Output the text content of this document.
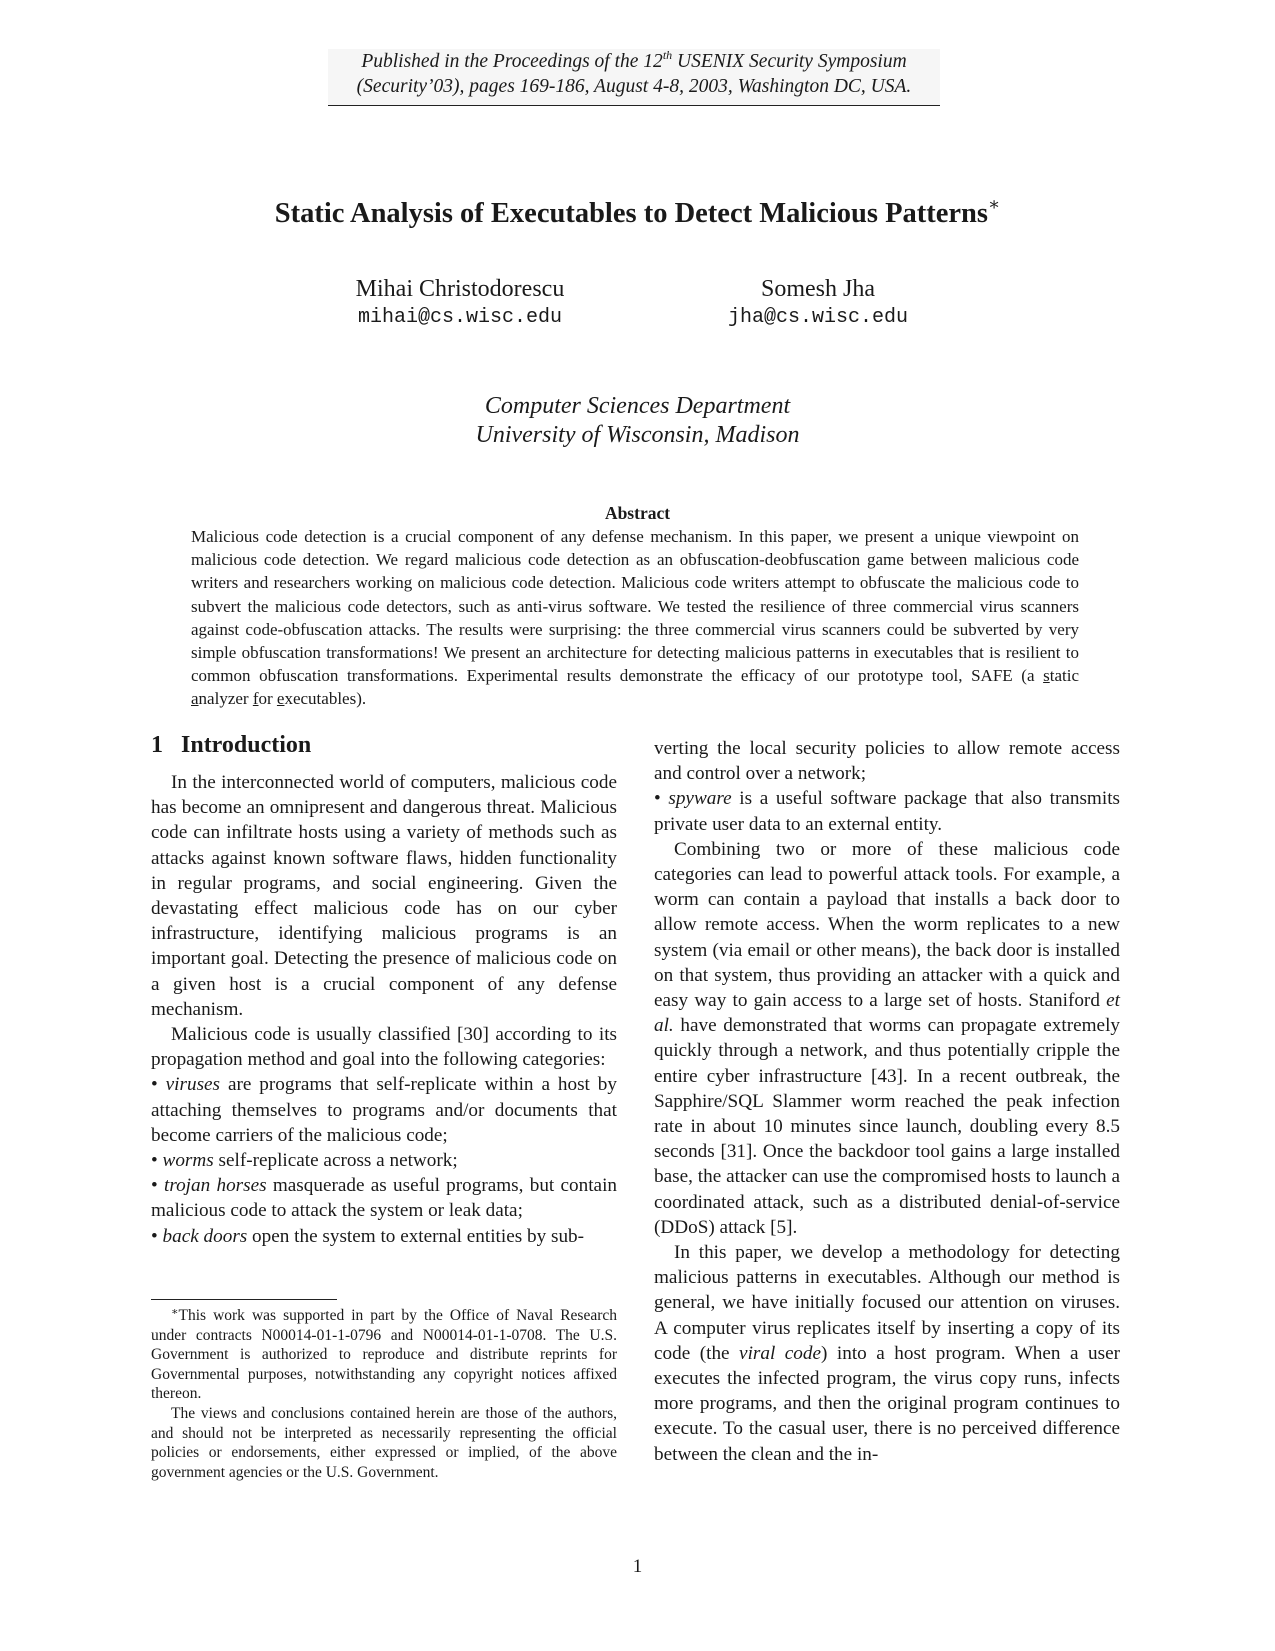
Published in the Proceedings of the 12th USENIX Security Symposium
(Security’03), pages 169-186, August 4-8, 2003, Washington DC, USA.
Static Analysis of Executables to Detect Malicious Patterns∗
Mihai Christodorescu
mihai@cs.wisc.edu
Somesh Jha
jha@cs.wisc.edu
Computer Sciences Department
University of Wisconsin, Madison
Abstract
Malicious code detection is a crucial component of any defense mechanism. In this paper, we present a unique viewpoint on malicious code detection. We regard malicious code detection as an obfuscation-deobfuscation game between malicious code writers and researchers working on malicious code detection. Malicious code writers attempt to obfuscate the malicious code to subvert the malicious code detectors, such as anti-virus software. We tested the resilience of three commercial virus scanners against code-obfuscation attacks. The results were surprising: the three commercial virus scanners could be subverted by very simple obfuscation transformations! We present an architecture for detecting malicious patterns in executables that is resilient to common obfuscation transformations. Experimental results demonstrate the efficacy of our prototype tool, SAFE (a static analyzer for executables).
1 Introduction

In the interconnected world of computers, malicious code has become an omnipresent and dangerous threat. Malicious code can infiltrate hosts using a variety of methods such as attacks against known software flaws, hidden functionality in regular programs, and social engineering. Given the devastating effect malicious code has on our cyber infrastructure, identifying malicious programs is an important goal. Detecting the presence of malicious code on a given host is a crucial component of any defense mechanism.

Malicious code is usually classified [30] according to its propagation method and goal into the following categories:

• viruses are programs that self-replicate within a host by attaching themselves to programs and/or documents that become carriers of the malicious code;

• worms self-replicate across a network;

• trojan horses masquerade as useful programs, but contain malicious code to attack the system or leak data;

• back doors open the system to external entities by sub-

∗This work was supported in part by the Office of Naval Research under contracts N00014-01-1-0796 and N00014-01-1-0708. The U.S. Government is authorized to reproduce and distribute reprints for Governmental purposes, notwithstanding any copyright notices affixed thereon.

The views and conclusions contained herein are those of the authors, and should not be interpreted as necessarily representing the official policies or endorsements, either expressed or implied, of the above government agencies or the U.S. Government.

verting the local security policies to allow remote access and control over a network;

• spyware is a useful software package that also transmits private user data to an external entity.

Combining two or more of these malicious code categories can lead to powerful attack tools. For example, a worm can contain a payload that installs a back door to allow remote access. When the worm replicates to a new system (via email or other means), the back door is installed on that system, thus providing an attacker with a quick and easy way to gain access to a large set of hosts. Staniford et al. have demonstrated that worms can propagate extremely quickly through a network, and thus potentially cripple the entire cyber infrastructure [43]. In a recent outbreak, the Sapphire/SQL Slammer worm reached the peak infection rate in about 10 minutes since launch, doubling every 8.5 seconds [31]. Once the backdoor tool gains a large installed base, the attacker can use the compromised hosts to launch a coordinated attack, such as a distributed denial-of-service (DDoS) attack [5].

In this paper, we develop a methodology for detecting malicious patterns in executables. Although our method is general, we have initially focused our attention on viruses. A computer virus replicates itself by inserting a copy of its code (the viral code) into a host program. When a user executes the infected program, the virus copy runs, infects more programs, and then the original program continues to execute. To the casual user, there is no perceived difference between the clean and the in-

1
